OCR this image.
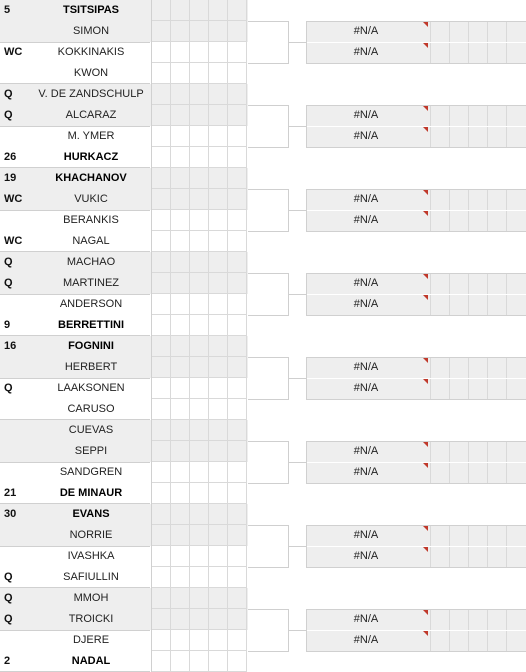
5	TSITSIPAS
SIMON
WC	KOKKINAKIS
KWON
#N/A
#N/A
Q	V. DE ZANDSCHULP
Q	ALCARAZ
M. YMER
26	HURKACZ
#N/A
#N/A
19	KHACHANOV
WC	VUKIC
BERANKIS
WC	NAGAL
#N/A
#N/A
Q	MACHAO
Q	MARTINEZ
ANDERSON
9	BERRETTINI
#N/A
#N/A
16	FOGNINI
HERBERT
Q	LAAKSONEN
CARUSO
#N/A
#N/A
CUEVAS
SEPPI
SANDGREN
21	DE MINAUR
#N/A
#N/A
30	EVANS
NORRIE
IVASHKA
Q	SAFIULLIN
#N/A
#N/A
Q	MMOH
Q	TROICKI
DJERE
2	NADAL
#N/A
#N/A
